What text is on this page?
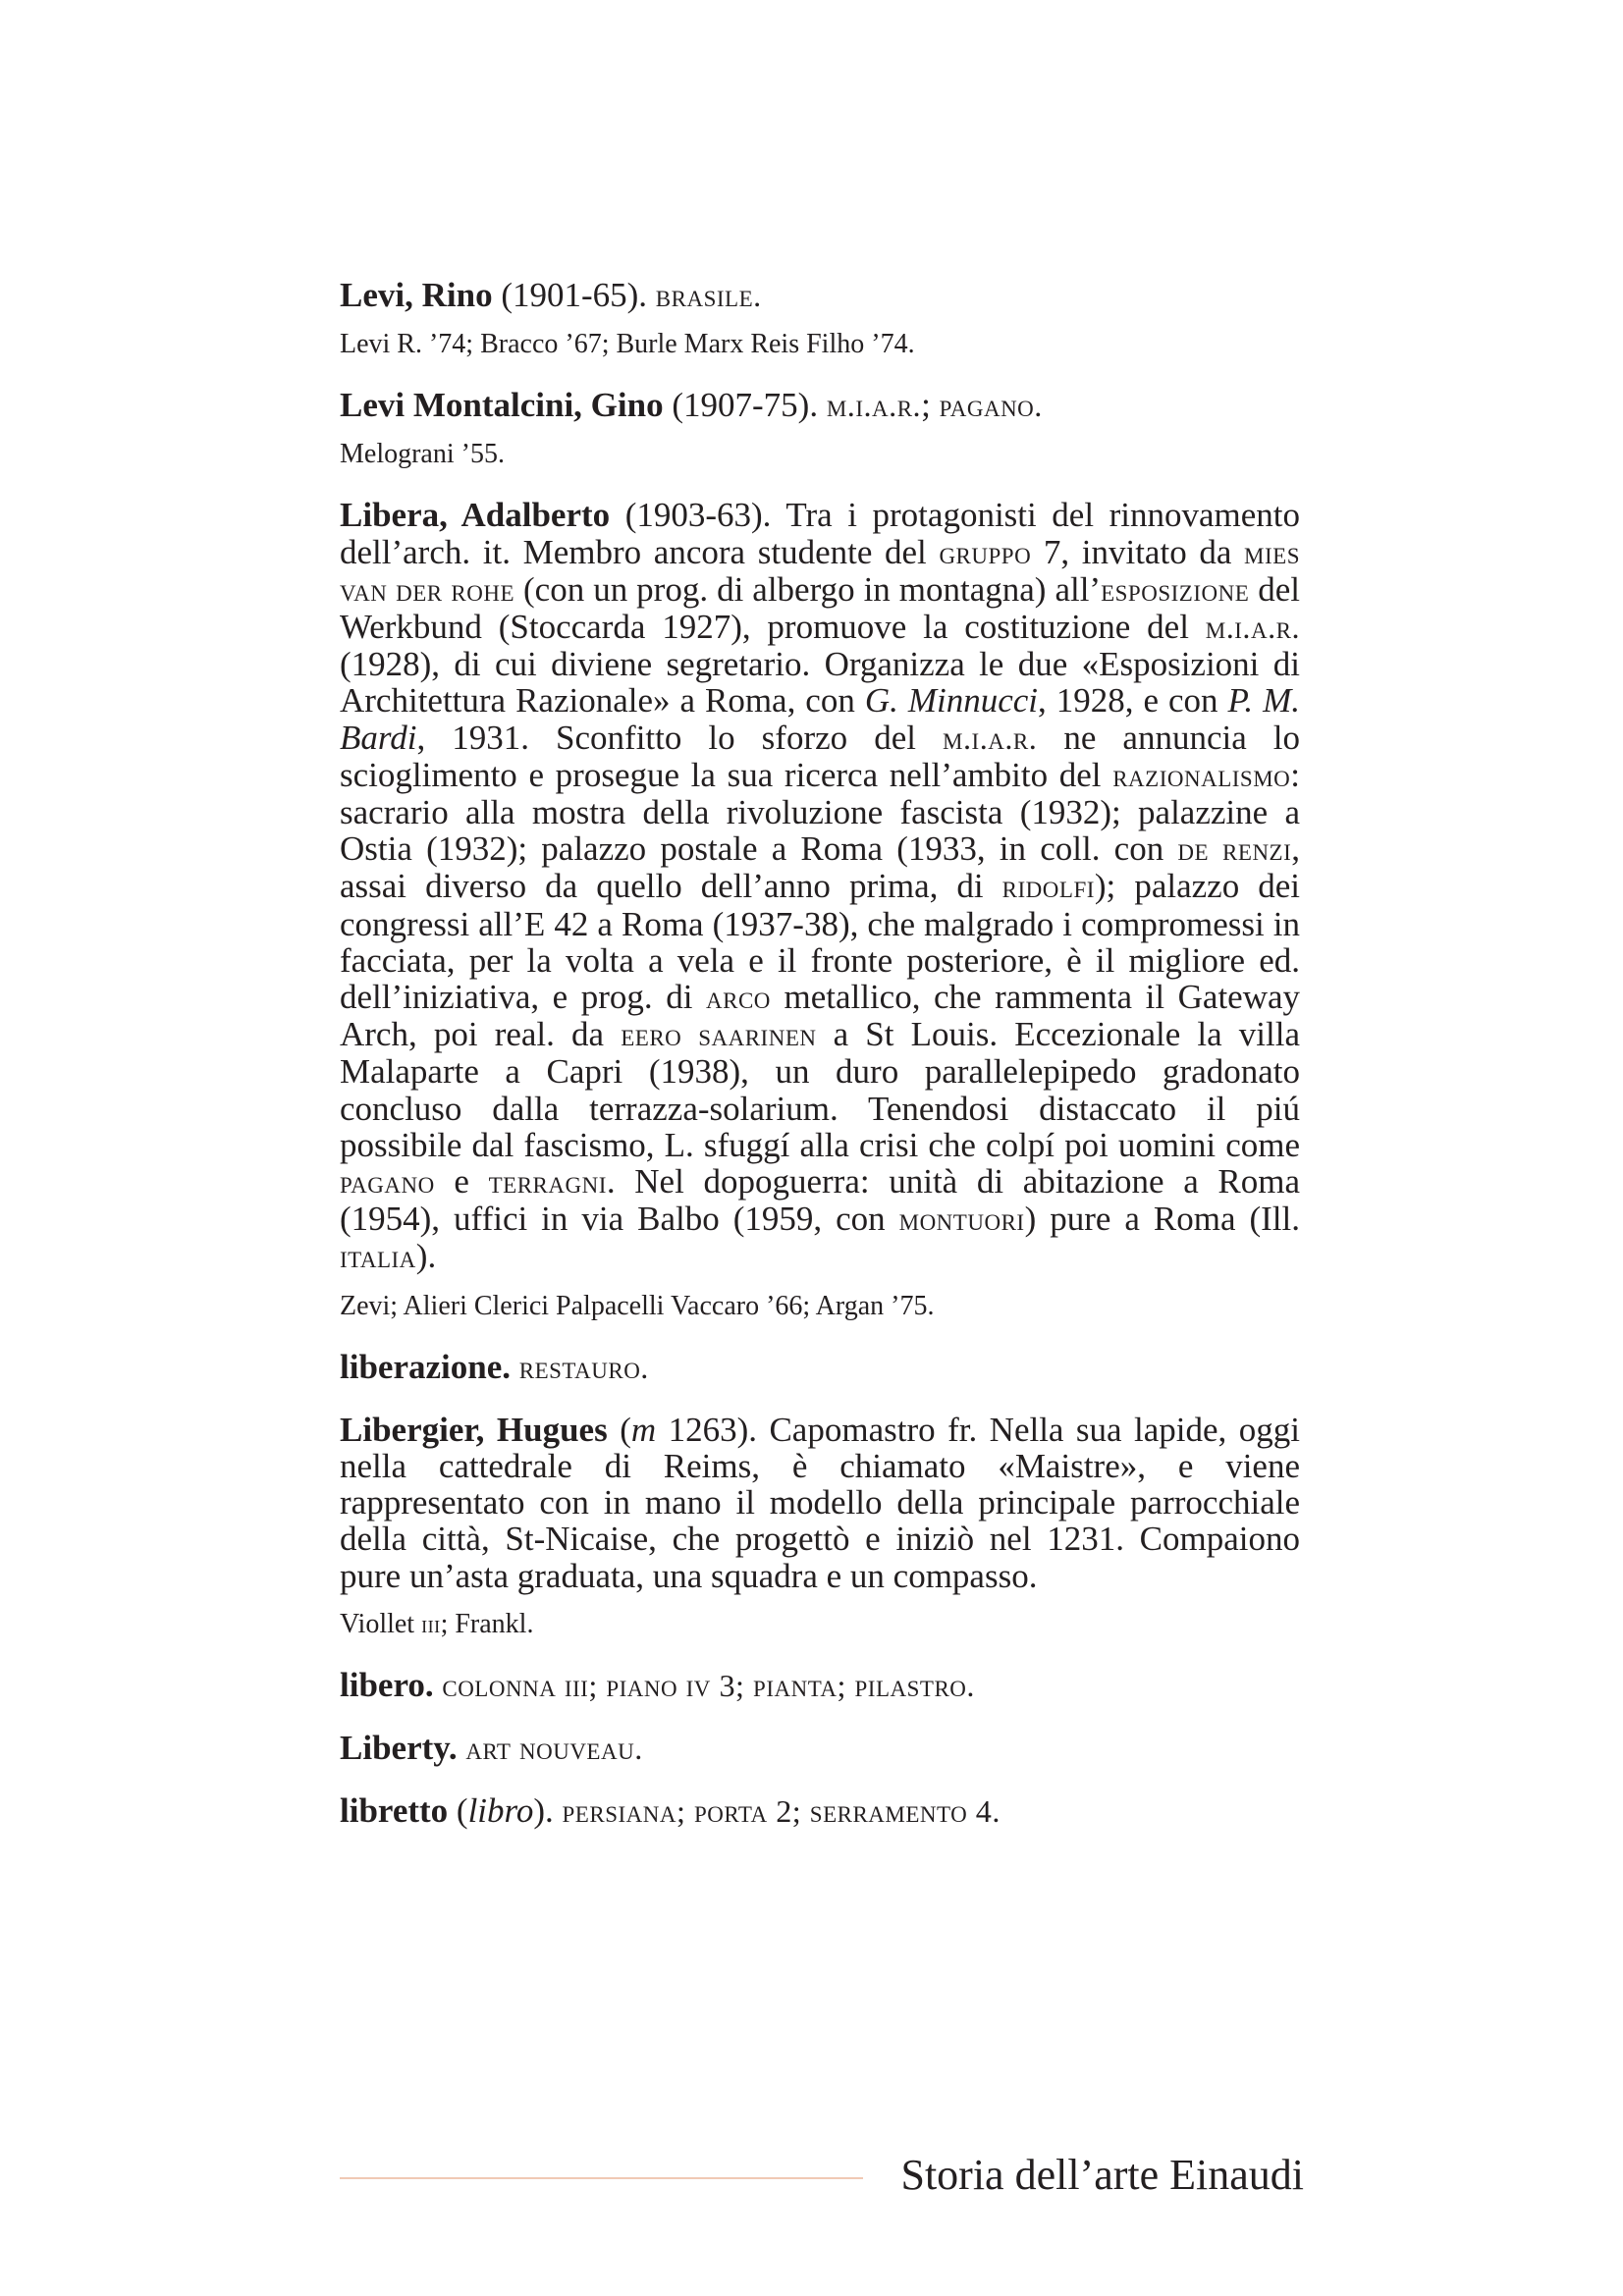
Levi, Rino (1901-65). brasile.
Levi R. ’74; Bracco ’67; Burle Marx Reis Filho ’74.
Levi Montalcini, Gino (1907-75). m.i.a.r.; pagano.
Melograni ’55.
Libera, Adalberto (1903-63). Tra i protagonisti del rinnovamento dell’arch. it. Membro ancora studente del gruppo 7, invitato da mies van der rohe (con un prog. di albergo in montagna) all’esposizione del Werkbund (Stoccarda 1927), promuove la costituzione del m.i.a.r. (1928), di cui diviene segretario. Organizza le due «Esposizioni di Architettura Razionale» a Roma, con G. Minnucci, 1928, e con P. M. Bardi, 1931. Sconfitto lo sforzo del m.i.a.r. ne annuncia lo scioglimento e prosegue la sua ricerca nell’ambito del razionalismo: sacrario alla mostra della rivoluzione fascista (1932); palazzine a Ostia (1932); palazzo postale a Roma (1933, in coll. con de renzi, assai diverso da quello dell’anno prima, di ridolfi); palazzo dei congressi all’E 42 a Roma (1937-38), che malgrado i compromessi in facciata, per la volta a vela e il fronte posteriore, è il migliore ed. dell’iniziativa, e prog. di arco metallico, che rammenta il Gateway Arch, poi real. da eero saarinen a St Louis. Eccezionale la villa Malaparte a Capri (1938), un duro parallelepipedo gradonato concluso dalla terrazza-solarium. Tenendosi distaccato il piú possibile dal fascismo, L. sfuggí alla crisi che colpí poi uomini come pagano e terragni. Nel dopoguerra: unità di abitazione a Roma (1954), uffici in via Balbo (1959, con montuori) pure a Roma (Ill. italia).
Zevi; Alieri Clerici Palpacelli Vaccaro ’66; Argan ’75.
liberazione. restauro.
Libergier, Hugues (m 1263). Capomastro fr. Nella sua lapide, oggi nella cattedrale di Reims, è chiamato «Maistre», e viene rappresentato con in mano il modello della principale parrocchiale della città, St-Nicaise, che progettò e iniziò nel 1231. Compaiono pure un’asta graduata, una squadra e un compasso.
Viollet iii; Frankl.
libero. colonna iii; piano iv 3; pianta; pilastro.
Liberty. art nouveau.
libretto (libro). persiana; porta 2; serramento 4.
Storia dell’arte Einaudi
